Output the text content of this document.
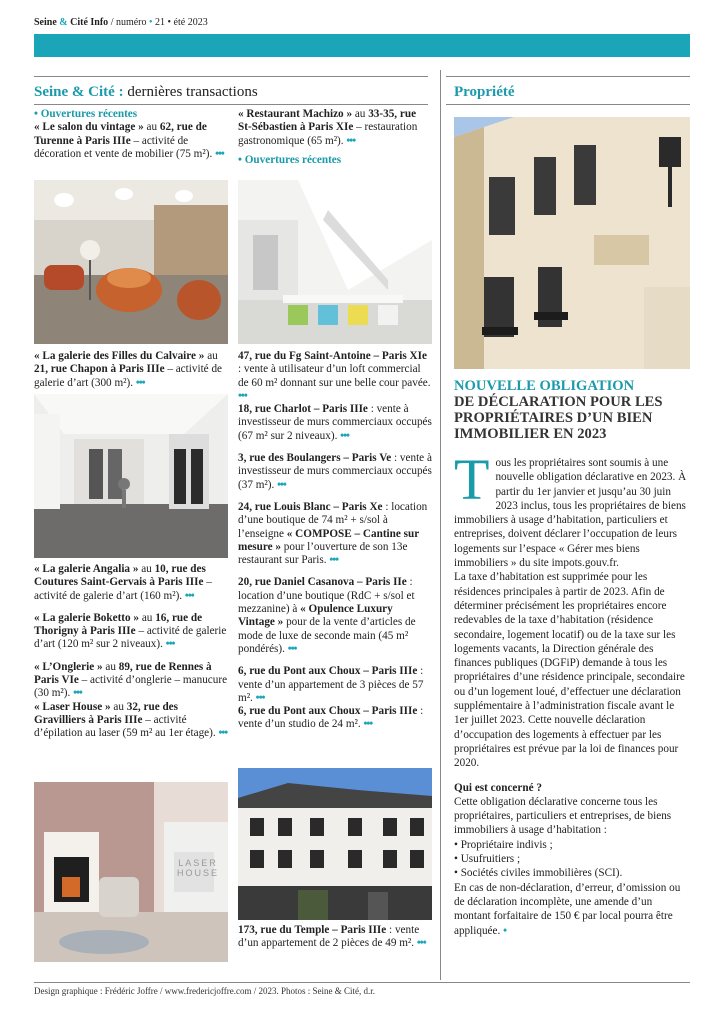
Seine & Cité Info / numéro • 21 • été 2023
Seine & Cité : dernières transactions	Propriété

• Ouvertures récentes

« Le salon du vintage » au 62, rue de Turenne à Paris IIIe – activité de décoration et vente de mobilier (75 m²). •••

« La galerie des Filles du Calvaire » au 21, rue Chapon à Paris IIIe – activité de galerie d’art (300 m²). •••

« La galerie Angalia » au 10, rue des Coutures Saint-Gervais à Paris IIIe – activité de galerie d’art (160 m²). •••

« La galerie Boketto » au 16, rue de Thorigny à Paris IIIe – activité de galerie d’art (120 m² sur 2 niveaux). •••

« L’Onglerie » au 89, rue de Rennes à Paris VIe – activité d’onglerie – manucure (30 m²). •••

« Laser House » au 32, rue des Gravilliers à Paris IIIe – activité d’épilation au laser (59 m² au 1er étage). •••

LASER HOUSE

« Restaurant Machizo » au 33-35, rue St-Sébastien à Paris XIe – restauration gastronomique (65 m²). •••

• Ouvertures récentes

47, rue du Fg Saint-Antoine – Paris XIe : vente à utilisateur d’un loft commercial de 60 m² donnant sur une belle cour pavée. •••

18, rue Charlot – Paris IIIe : vente à investisseur de murs commerciaux occupés (67 m² sur 2 niveaux). •••

3, rue des Boulangers – Paris Ve : vente à investisseur de murs commerciaux occupés (37 m²). •••

24, rue Louis Blanc – Paris Xe : location d’une boutique de 74 m² + s/sol à l’enseigne « COMPOSE – Cantine sur mesure » pour l’ouverture de son 13e restaurant sur Paris. •••

20, rue Daniel Casanova – Paris IIe : location d’une boutique (RdC + s/sol et mezzanine) à « Opulence Luxury Vintage » pour de la vente d’articles de mode de luxe de seconde main (45 m² pondérés). •••

6, rue du Pont aux Choux – Paris IIIe : vente d’un appartement de 3 pièces de 57 m². •••

6, rue du Pont aux Choux – Paris IIIe : vente d’un studio de 24 m². •••

173, rue du Temple – Paris IIIe : vente d’un appartement de 2 pièces de 49 m². •••

NOUVELLE OBLIGATION
DE DÉCLARATION POUR LES PROPRIÉTAIRES D’UN BIEN IMMOBILIER EN 2023
T ous les propriétaires sont soumis à une nouvelle obligation déclarative en 2023. À partir du 1er janvier et jusqu’au 30 juin 2023 inclus, tous les propriétaires de biens immobiliers à usage d’habitation, particuliers et entreprises, doivent déclarer l’occupation de leurs logements sur l’espace « Gérer mes biens immobiliers » du site impots.gouv.fr.

La taxe d’habitation est supprimée pour les résidences principales à partir de 2023. Afin de déterminer précisément les propriétaires encore redevables de la taxe d’habitation (résidence secondaire, logement locatif) ou de la taxe sur les logements vacants, la Direction générale des finances publiques (DGFiP) demande à tous les propriétaires d’une résidence principale, secondaire ou d’un logement loué, d’effectuer une déclaration supplémentaire à l’administration fiscale avant le 1er juillet 2023. Cette nouvelle déclaration d’occupation des logements à effectuer par les propriétaires est prévue par la loi de finances pour 2020.

Qui est concerné ?

Cette obligation déclarative concerne tous les propriétaires, particuliers et entreprises, de biens immobiliers à usage d’habitation :

• Propriétaire indivis ;

• Usufruitiers ;

• Sociétés civiles immobilières (SCI).

En cas de non-déclaration, d’erreur, d’omission ou de déclaration incomplète, une amende d’un montant forfaitaire de 150 € par local pourra être appliquée. •

Design graphique : Frédéric Joffre / www.fredericjoffre.com / 2023. Photos : Seine & Cité, d.r.
